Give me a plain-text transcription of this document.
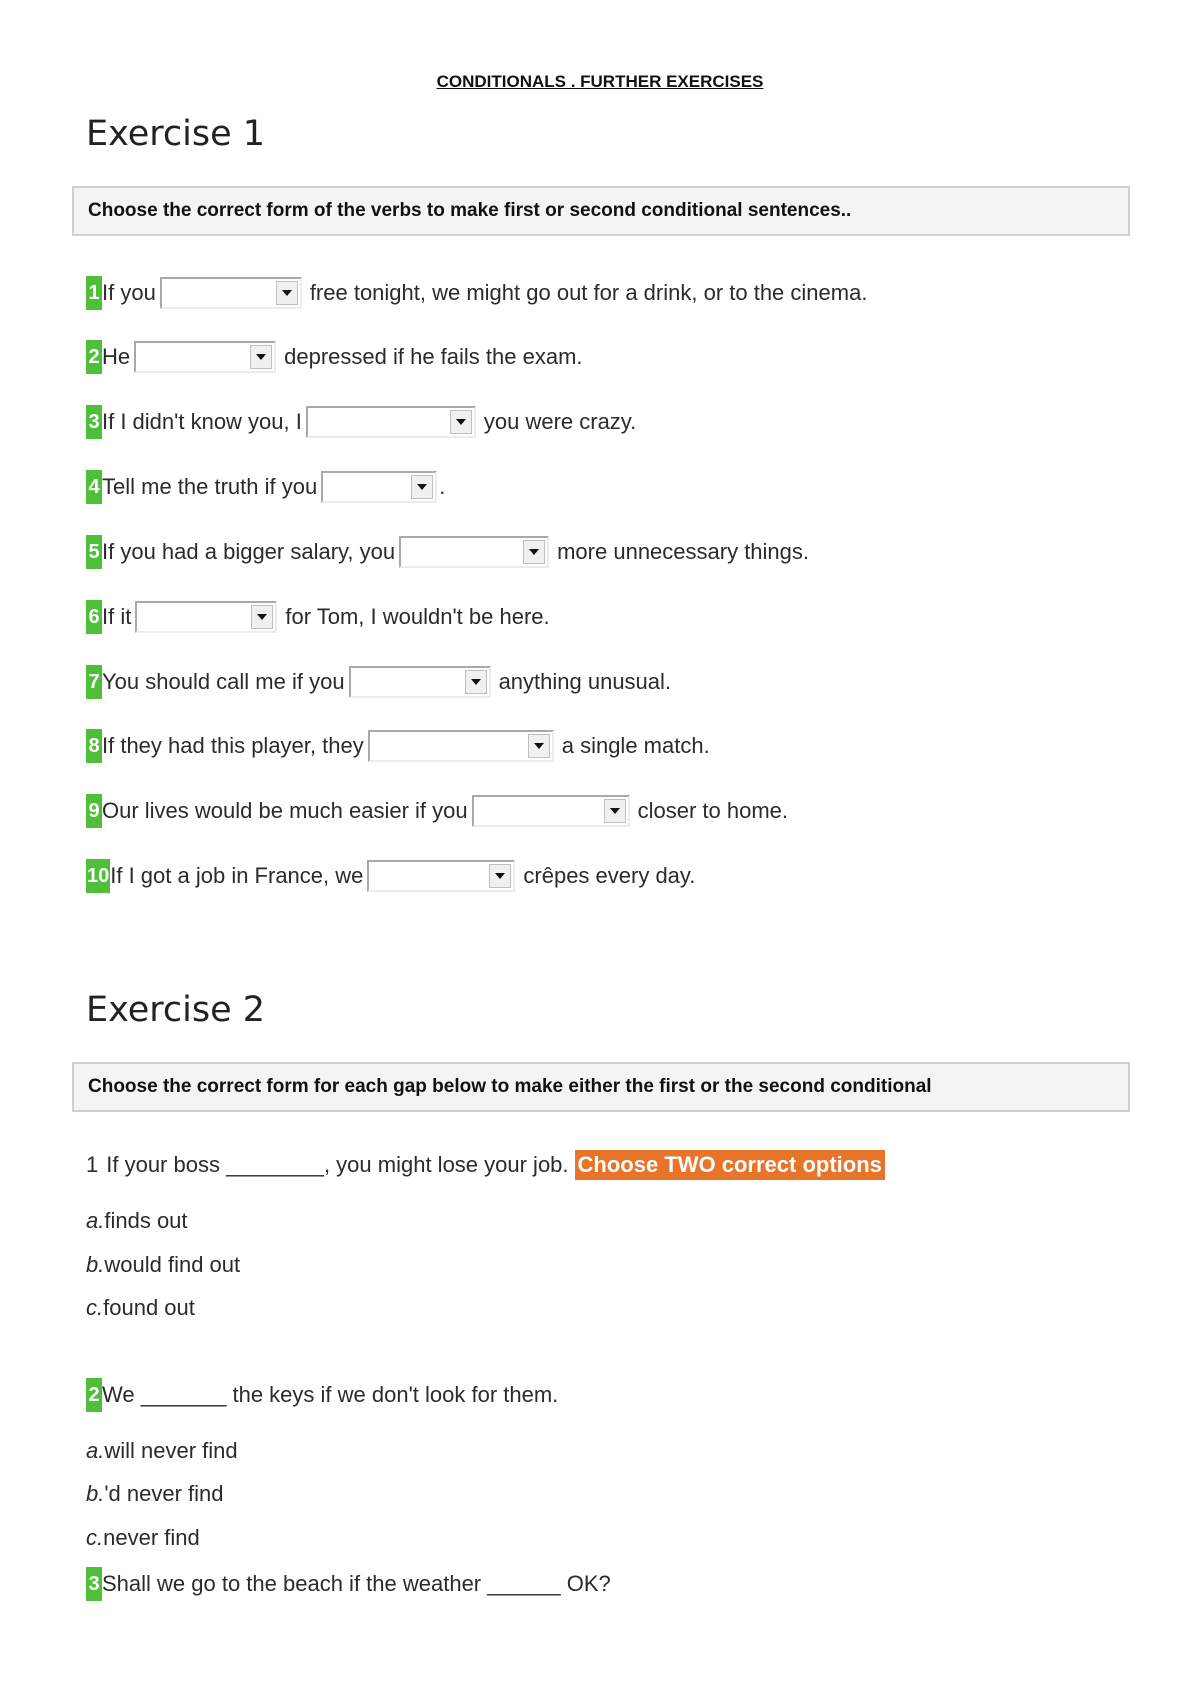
CONDITIONALS . FURTHER EXERCISES
Exercise 1
Choose the correct form of the verbs to make first or second conditional sentences..
1 If you	free tonight, we might go out for a drink, or to the cinema.
2 He	depressed if he fails the exam.
3 If I didn't know you, I	you were crazy.
4 Tell me the truth if you	.
5 If you had a bigger salary, you	more unnecessary things.
6 If it	for Tom, I wouldn't be here.
7 You should call me if you	anything unusual.
8 If they had this player, they	a single match.
9 Our lives would be much easier if you	closer to home.
10 If I got a job in France, we	crêpes every day.
Exercise 2
Choose the correct form for each gap below to make either the first or the second conditional
1 If your boss ________, you might lose your job. Choose TWO correct options
a.finds out
b.would find out
c.found out
2 We _______ the keys if we don't look for them.
a.will never find
b.'d never find
c.never find
3 Shall we go to the beach if the weather ______ OK?
